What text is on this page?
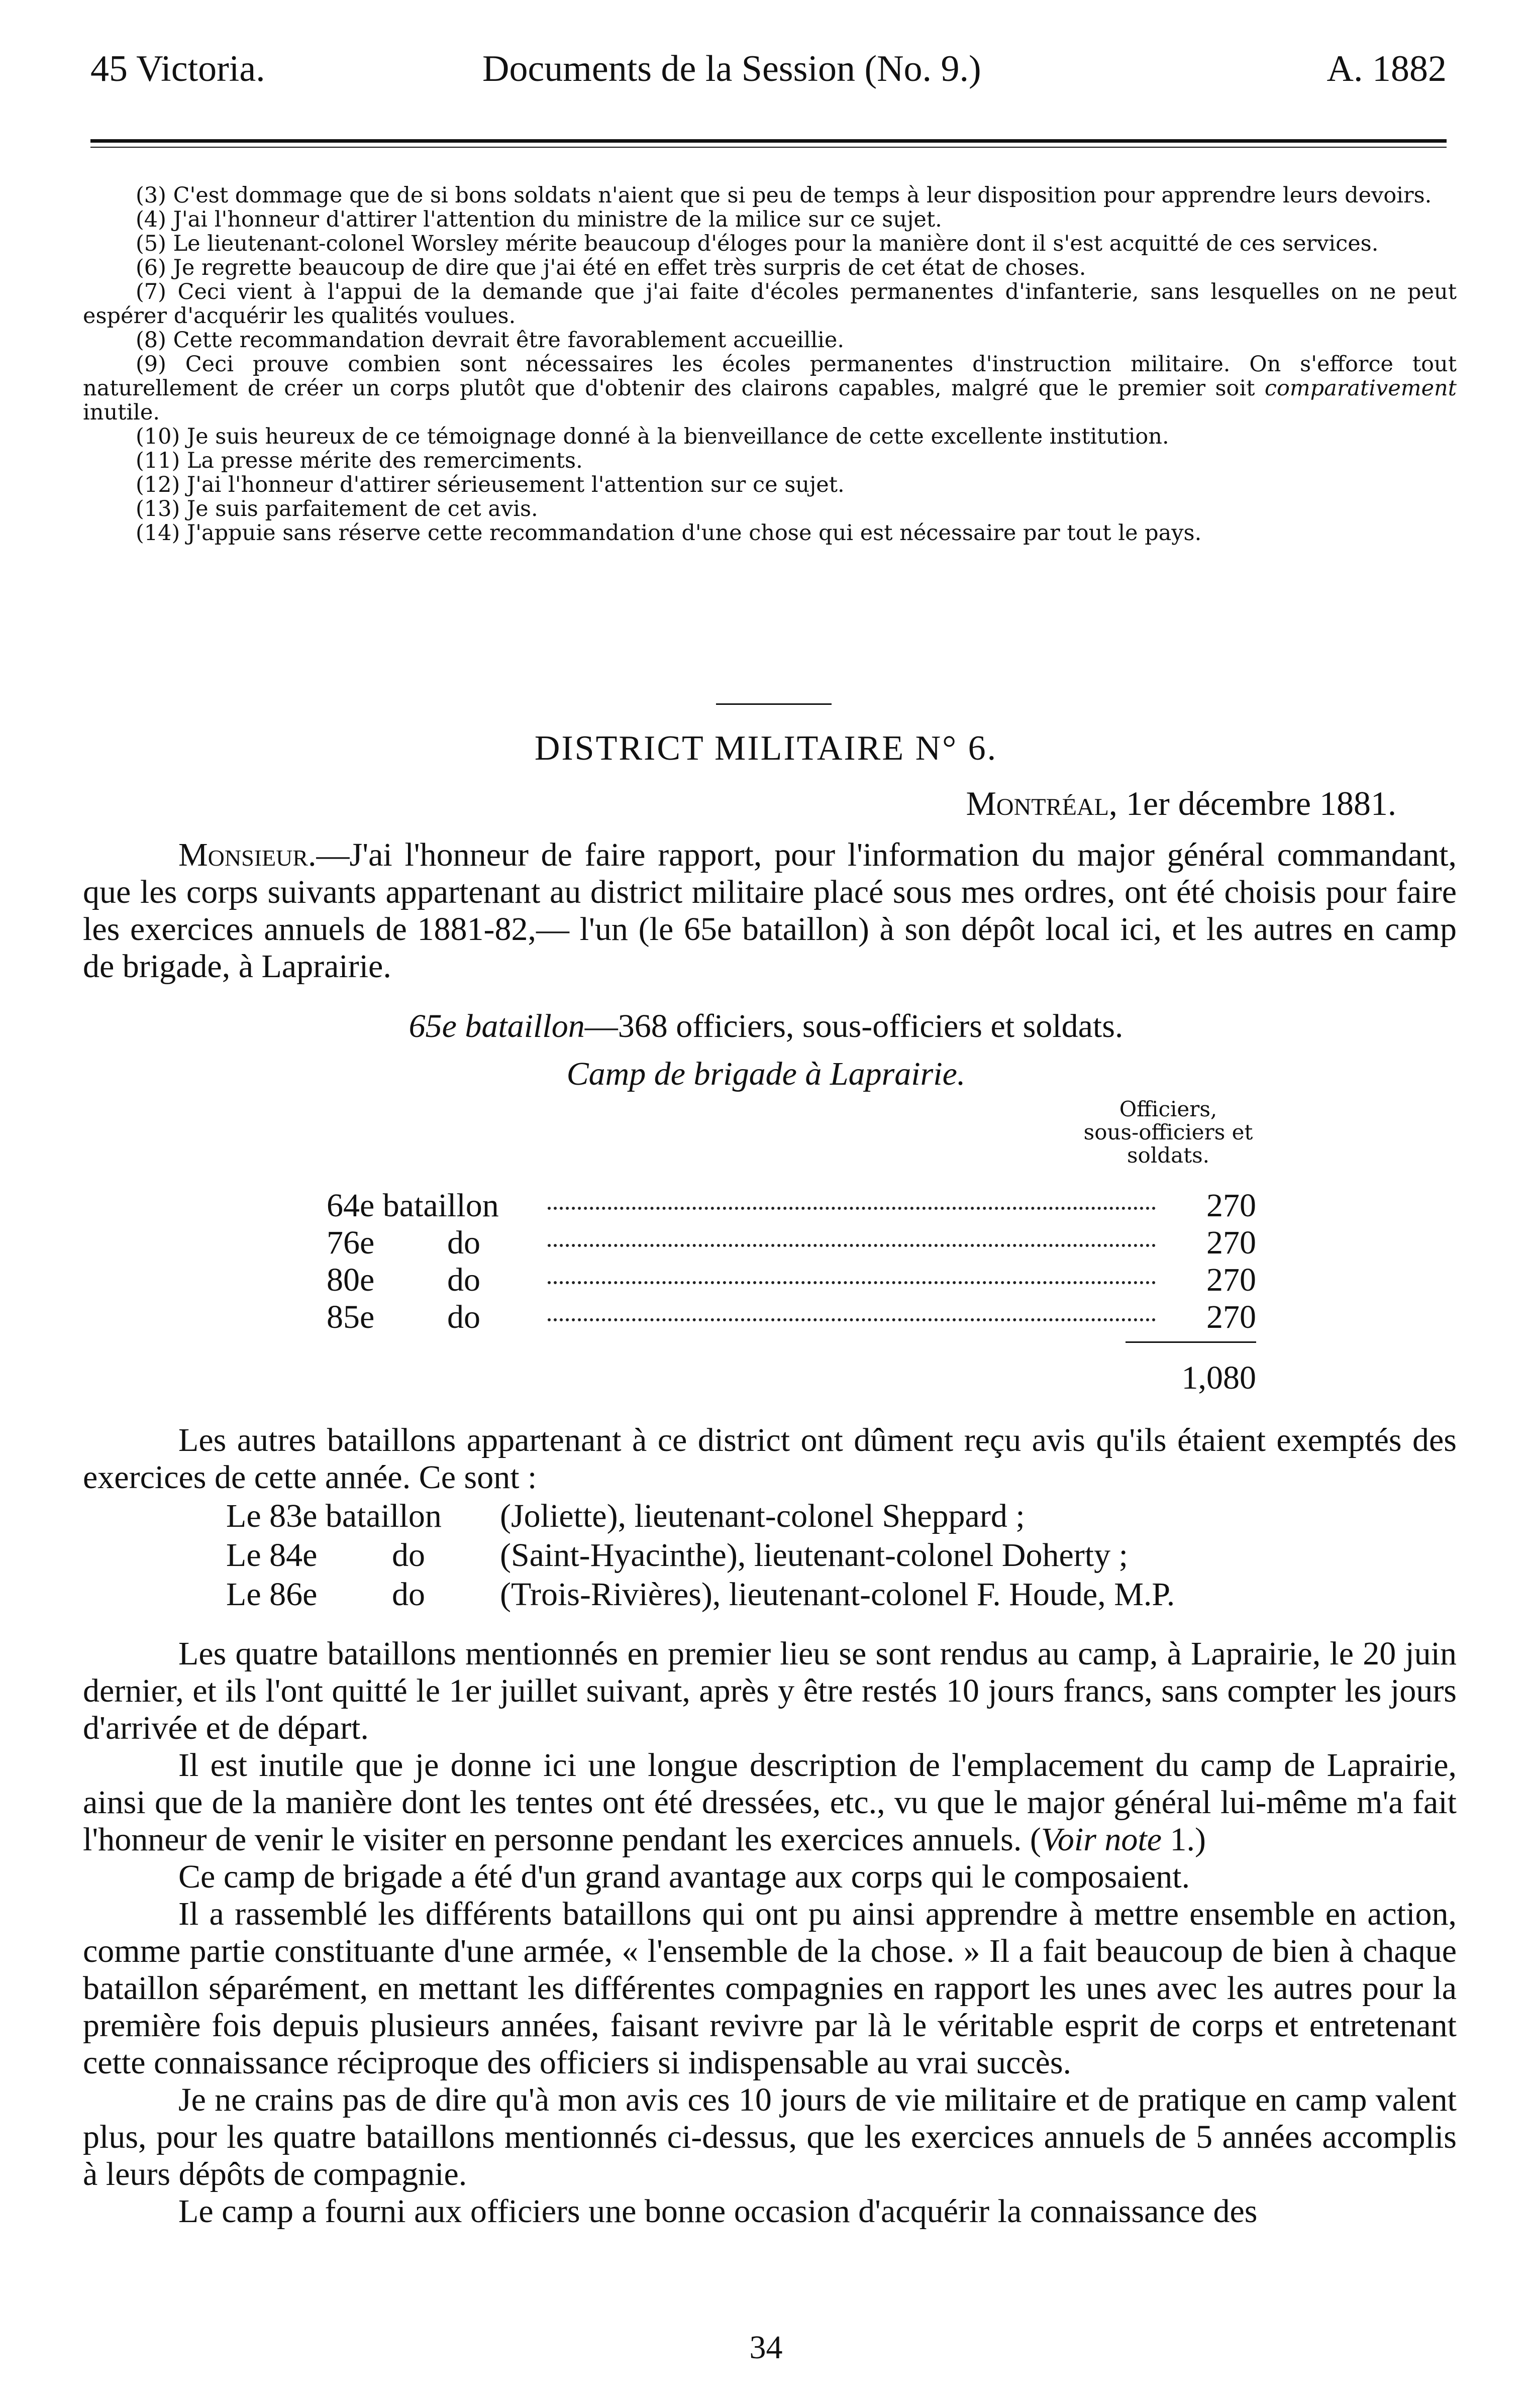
45 Victoria.	Documents de la Session (No. 9.)	A. 1882

(3) C'est dommage que de si bons soldats n'aient que si peu de temps à leur disposition pour apprendre leurs devoirs.

(4) J'ai l'honneur d'attirer l'attention du ministre de la milice sur ce sujet.

(5) Le lieutenant-colonel Worsley mérite beaucoup d'éloges pour la manière dont il s'est acquitté de ces services.

(6) Je regrette beaucoup de dire que j'ai été en effet très surpris de cet état de choses.

(7) Ceci vient à l'appui de la demande que j'ai faite d'écoles permanentes d'infanterie, sans lesquelles on ne peut espérer d'acquérir les qualités voulues.

(8) Cette recommandation devrait être favorablement accueillie.

(9) Ceci prouve combien sont nécessaires les écoles permanentes d'instruction militaire. On s'efforce tout naturellement de créer un corps plutôt que d'obtenir des clairons capables, malgré que le premier soit comparativement inutile.

(10) Je suis heureux de ce témoignage donné à la bienveillance de cette excellente institution.

(11) La presse mérite des remerciments.

(12) J'ai l'honneur d'attirer sérieusement l'attention sur ce sujet.

(13) Je suis parfaitement de cet avis.

(14) J'appuie sans réserve cette recommandation d'une chose qui est nécessaire par tout le pays.

DISTRICT MILITAIRE N° 6.
Montréal, 1er décembre 1881.

Monsieur.—J'ai l'honneur de faire rapport, pour l'information du major général commandant, que les corps suivants appartenant au district militaire placé sous mes ordres, ont été choisis pour faire les exercices annuels de 1881-82,— l'un (le 65e bataillon) à son dépôt local ici, et les autres en camp de brigade, à Laprairie.

65e bataillon—368 officiers, sous-officiers et soldats.
Camp de brigade à Laprairie.
Officiers,
sous-officiers et
soldats.
64e bataillon	270
76e do	270
80e do	270
85e do	270
1,080

Les autres bataillons appartenant à ce district ont dûment reçu avis qu'ils étaient exemptés des exercices de cette année. Ce sont :

Le 83e bataillon (Joliette), lieutenant-colonel Sheppard ;
Le 84e do (Saint-Hyacinthe), lieutenant-colonel Doherty ;
Le 86e do (Trois-Rivières), lieutenant-colonel F. Houde, M.P.

Les quatre bataillons mentionnés en premier lieu se sont rendus au camp, à Laprairie, le 20 juin dernier, et ils l'ont quitté le 1er juillet suivant, après y être restés 10 jours francs, sans compter les jours d'arrivée et de départ.

Il est inutile que je donne ici une longue description de l'emplacement du camp de Laprairie, ainsi que de la manière dont les tentes ont été dressées, etc., vu que le major général lui-même m'a fait l'honneur de venir le visiter en personne pendant les exercices annuels. (Voir note 1.)

Ce camp de brigade a été d'un grand avantage aux corps qui le composaient.

Il a rassemblé les différents bataillons qui ont pu ainsi apprendre à mettre ensemble en action, comme partie constituante d'une armée, « l'ensemble de la chose. » Il a fait beaucoup de bien à chaque bataillon séparément, en mettant les différentes compagnies en rapport les unes avec les autres pour la première fois depuis plusieurs années, faisant revivre par là le véritable esprit de corps et entretenant cette connaissance réciproque des officiers si indispensable au vrai succès.

Je ne crains pas de dire qu'à mon avis ces 10 jours de vie militaire et de pratique en camp valent plus, pour les quatre bataillons mentionnés ci-dessus, que les exercices annuels de 5 années accomplis à leurs dépôts de compagnie.

Le camp a fourni aux officiers une bonne occasion d'acquérir la connaissance des

34
